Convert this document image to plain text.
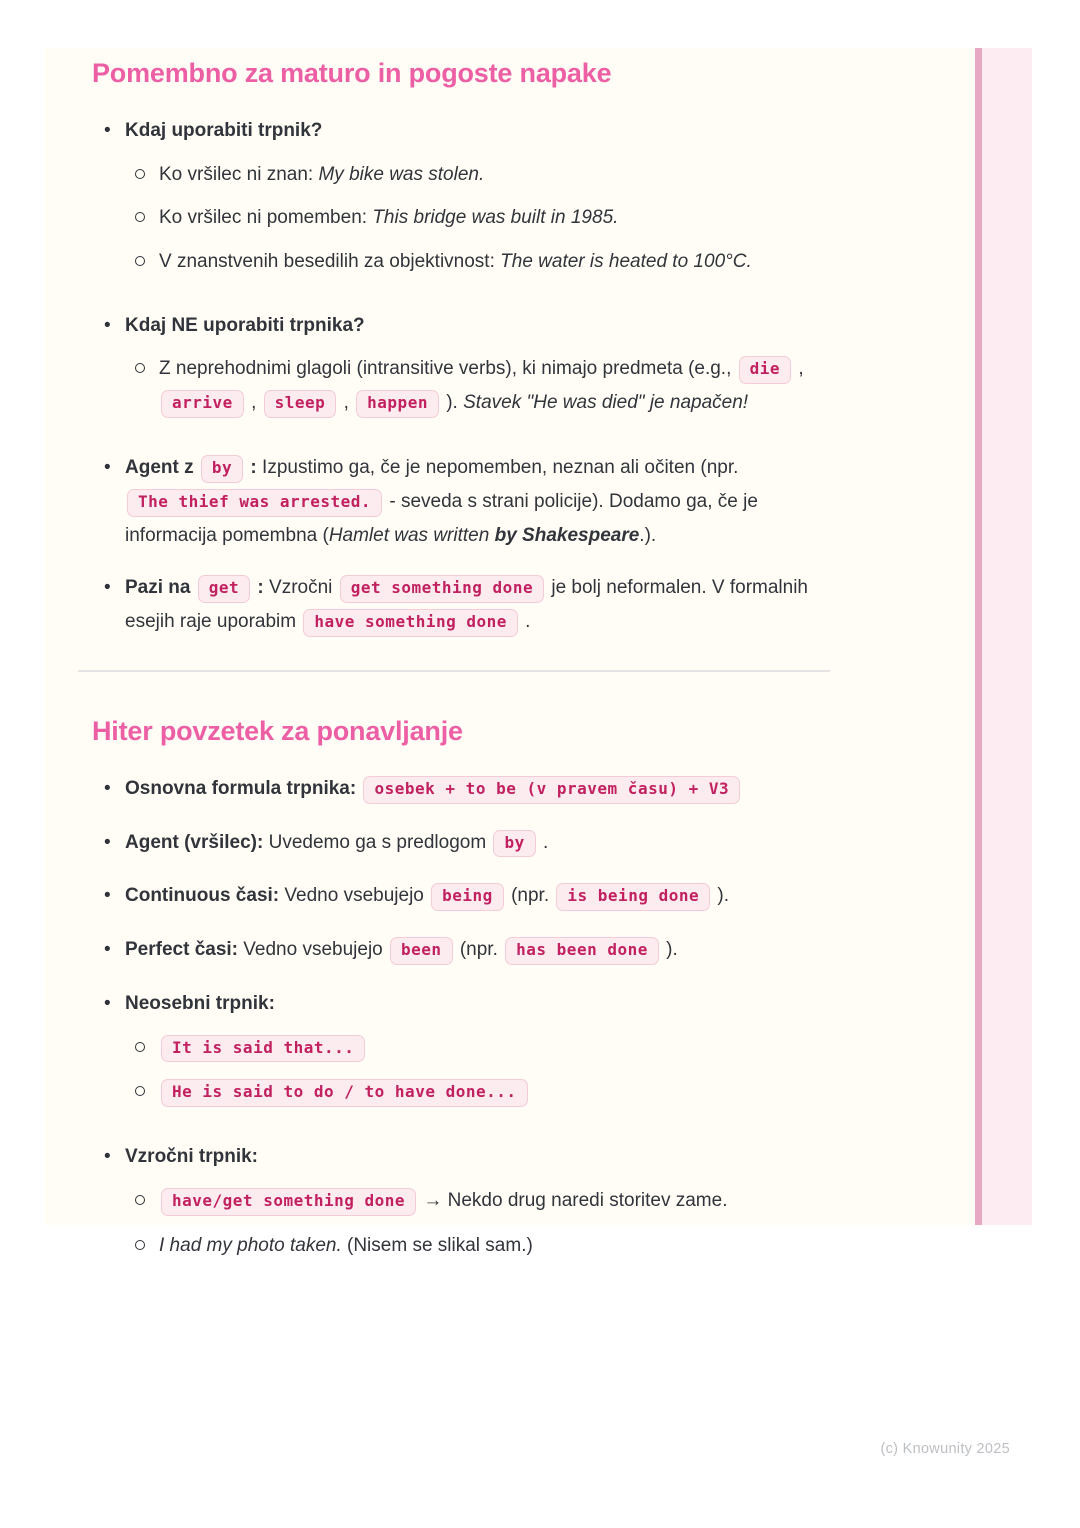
Pomembno za maturo in pogoste napake
• Kdaj uporabiti trpnik?
Ko vršilec ni znan: My bike was stolen.
Ko vršilec ni pomemben: This bridge was built in 1985.
V znanstvenih besedilih za objektivnost: The water is heated to 100°C.
• Kdaj NE uporabiti trpnika?
Z neprehodnimi glagoli (intransitive verbs), ki nimajo predmeta (e.g., die , arrive , sleep , happen ). Stavek "He was died" je napačen!
• Agent z by : Izpustimo ga, če je nepomemben, neznan ali očiten (npr. The thief was arrested. - seveda s strani policije). Dodamo ga, če je informacija pomembna (Hamlet was written by Shakespeare.).
• Pazi na get : Vzročni get something done je bolj neformalen. V formalnih esejih raje uporabim have something done .
Hiter povzetek za ponavljanje
• Osnovna formula trpnika: osebek + to be (v pravem času) + V3
• Agent (vršilec): Uvedemo ga s predlogom by .
• Continuous časi: Vedno vsebujejo being (npr. is being done ).
• Perfect časi: Vedno vsebujejo been (npr. has been done ).
• Neosebni trpnik:
It is said that...
He is said to do / to have done...
• Vzročni trpnik:
have/get something done → Nekdo drug naredi storitev zame.
I had my photo taken. (Nisem se slikal sam.)
(c) Knowunity 2025
